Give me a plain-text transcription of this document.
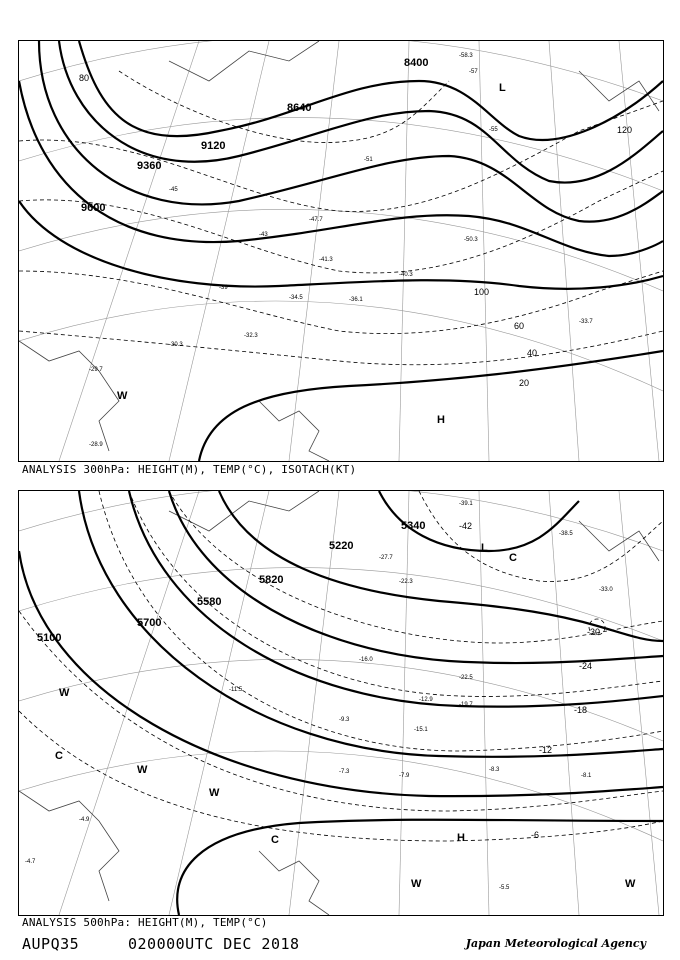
L
H
W
8400
8640
9120
9360
9600
20
40
60
80
100
120
-58.3
-57
-55
-51
-50.3
-47.7
-45
-43
-41.3
-40.3
-39
-36.1
-34.5
-33.7
-32.3
-30.3
-29.7
-28.9
ANALYSIS 300hPa: HEIGHT(M), TEMP(°C), ISOTACH(KT)
L
H
W
W
W
W	W
C
C
C
5100
5220
5340
5580
5700
5820
-42
-30
-24
-18
-12
-6
-39.1
-38.5
-33.0
-27.7
-22.3
-22.5
-19.7
-16.0
-15.1
-12.9
-11.5
-9.3
-8.3
-8.1
-7.9
-7.3
-5.5
-4.9
-4.7
ANALYSIS 500hPa: HEIGHT(M), TEMP(°C)
AUPQ35	020000UTC DEC 2018	Japan Meteorological Agency
